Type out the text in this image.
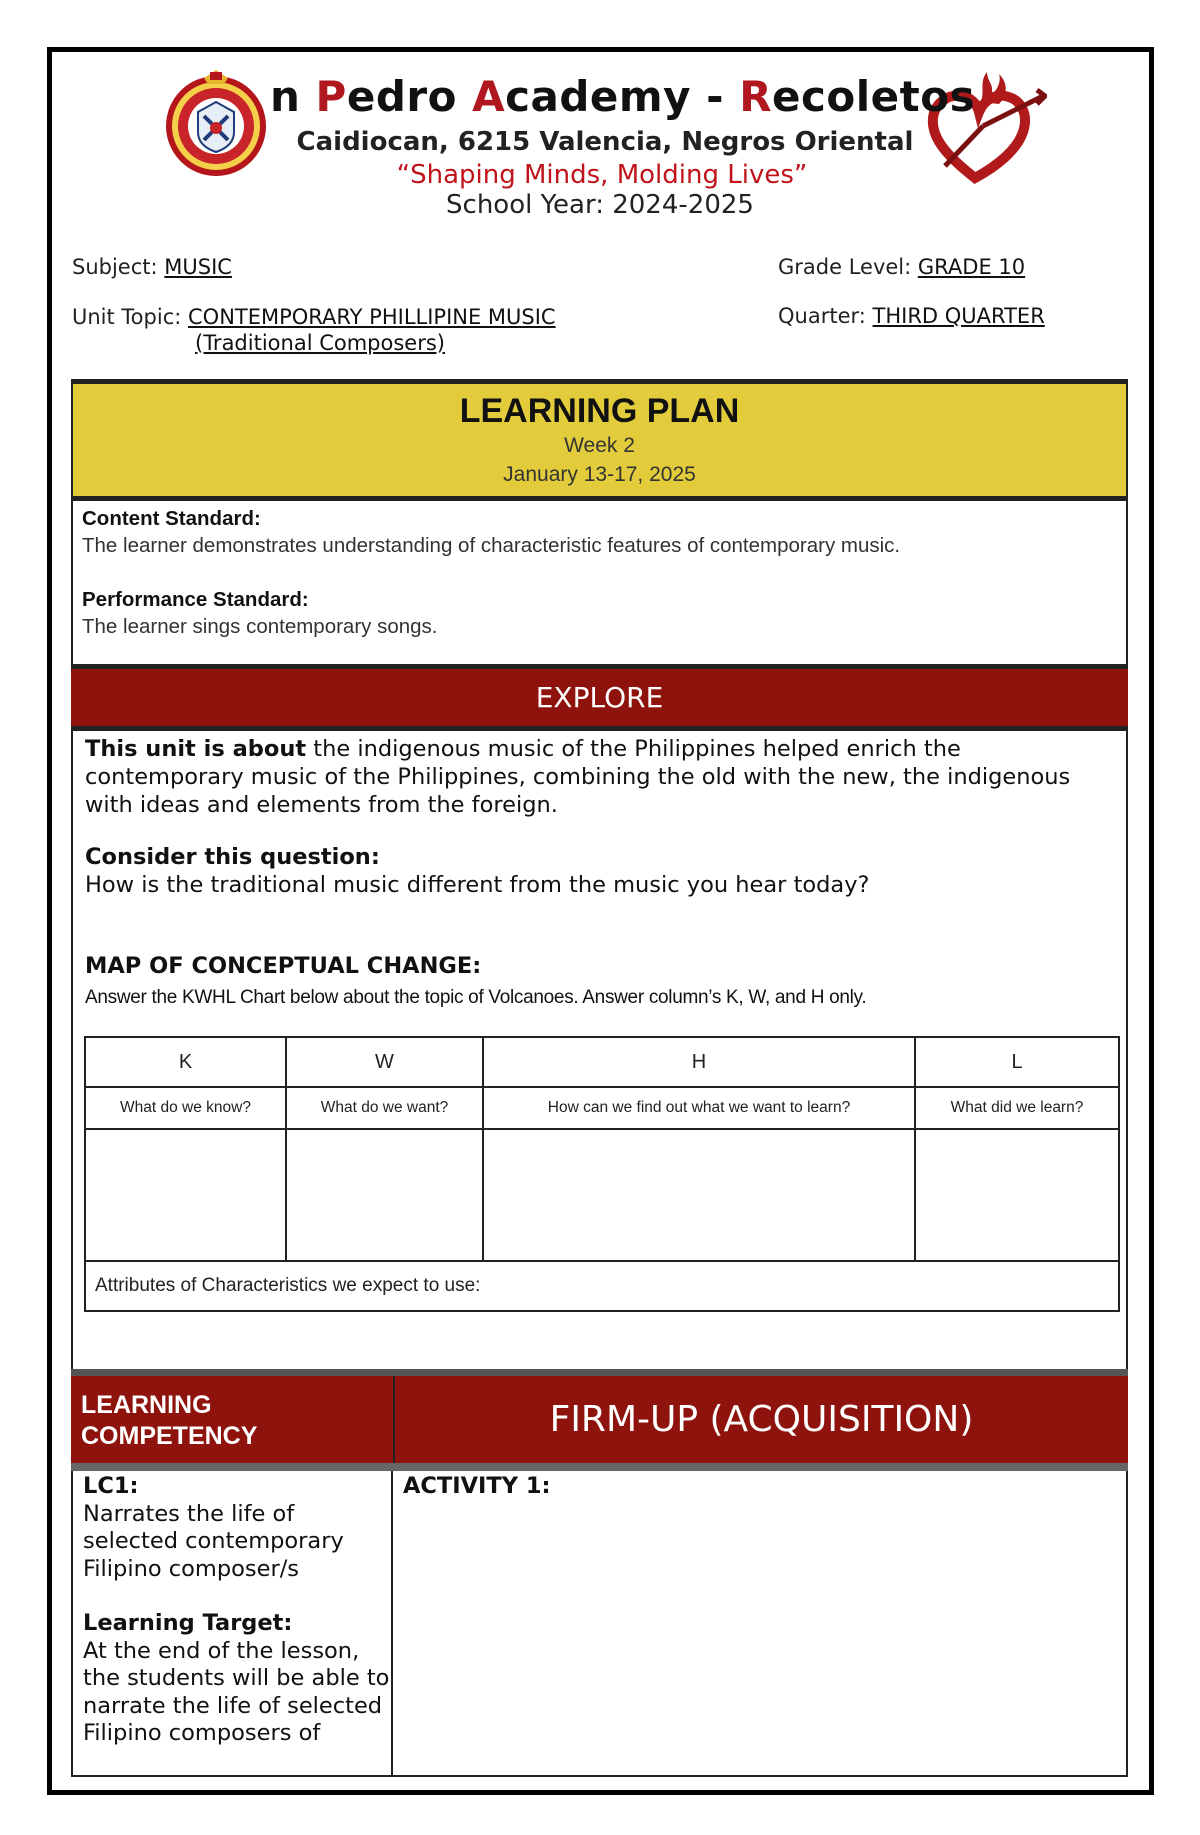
n Pedro Academy - Recoletos
Caidiocan, 6215 Valencia, Negros Oriental
“Shaping Minds, Molding Lives”
School Year: 2024-2025
Subject: MUSIC	Grade Level: GRADE 10
Unit Topic: CONTEMPORARY PHILLIPINE MUSIC
(Traditional Composers)
Quarter: THIRD QUARTER
LEARNING PLAN
Week 2
January 13-17, 2025

Content Standard:

The learner demonstrates understanding of characteristic features of contemporary music.

Performance Standard:

The learner sings contemporary songs.

EXPLORE
This unit is about the indigenous music of the Philippines helped enrich the contemporary music of the Philippines, combining the old with the new, the indigenous with ideas and elements from the foreign.
Consider this question:
How is the traditional music different from the music you hear today?
MAP OF CONCEPTUAL CHANGE:
Answer the KWHL Chart below about the topic of Volcanoes. Answer column’s K, W, and H only.
K	W	H	L
What do we know?	What do we want?	How can we find out what we want to learn?	What did we learn?

Attributes of Characteristics we expect to use:			
LEARNING
COMPETENCY	FIRM-UP (ACQUISITION)

LC1:

Narrates the life of selected contemporary Filipino composer/s

Learning Target:

At the end of the lesson, the students will be able to narrate the life of selected Filipino composers of

ACTIVITY 1:
